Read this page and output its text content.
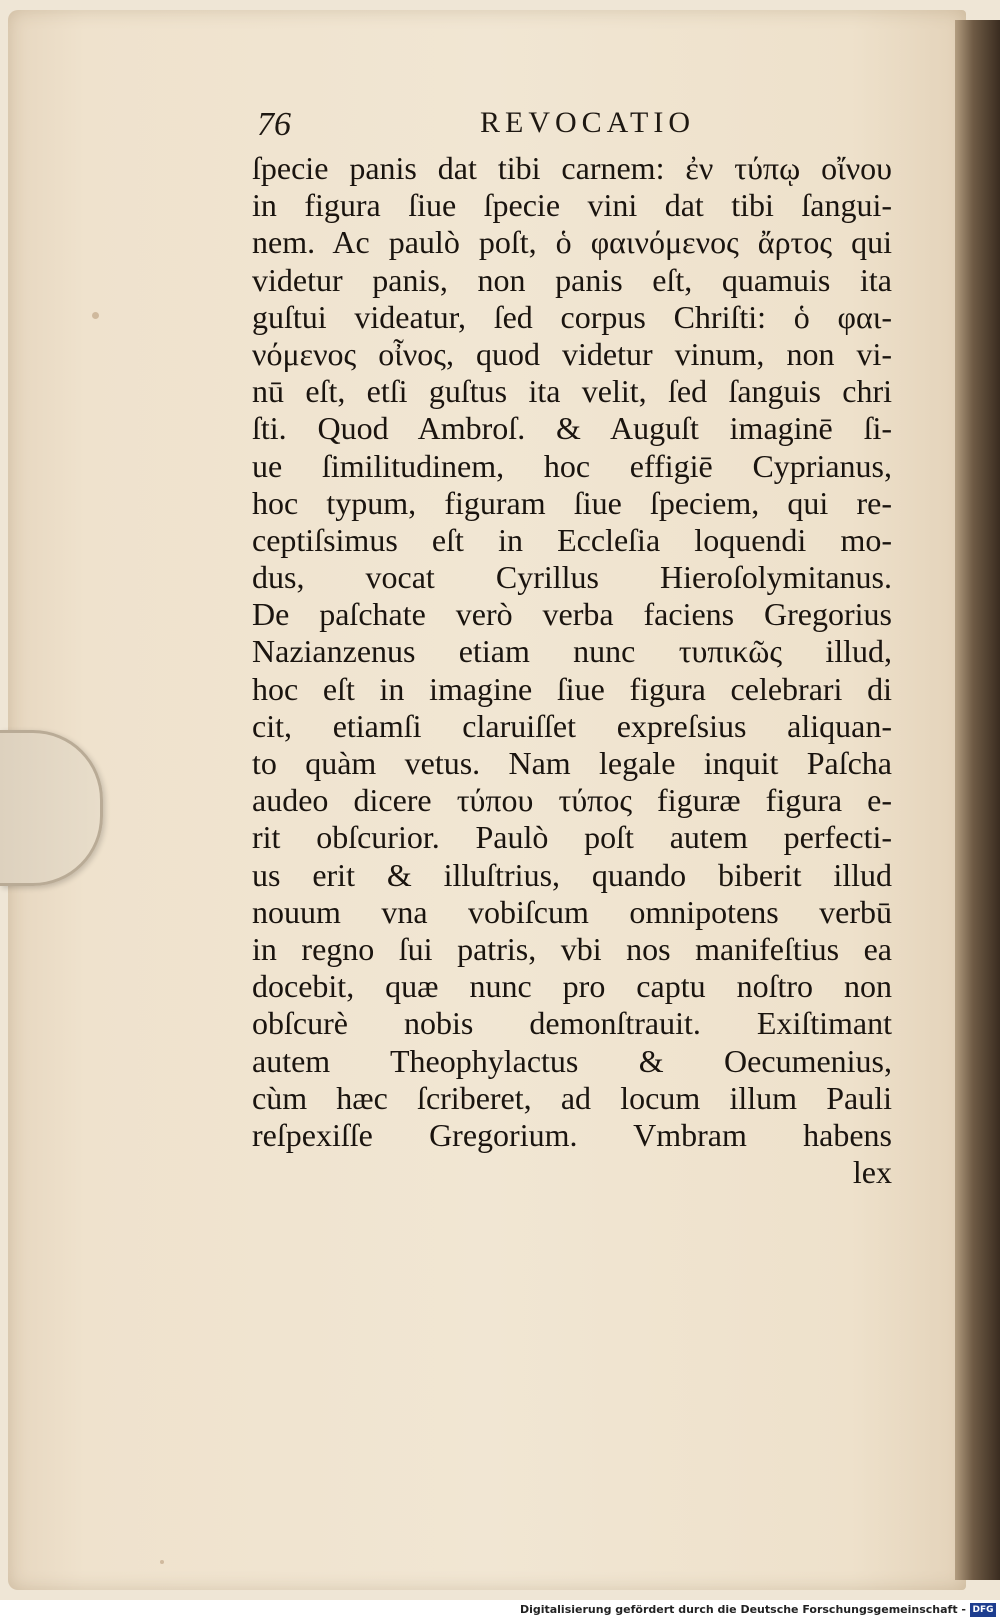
76	REVOCATIO
ſpecie panis dat tibi carnem: ἐν τύπῳ οἴνου
in figura ſiue ſpecie vini dat tibi ſangui-
nem. Ac paulò poſt, ὁ φαινόμενος ἄρτος qui
videtur panis, non panis eſt, quamuis ita
guſtui videatur, ſed corpus Chriſti: ὁ φαι-
νόμενος οἶνος, quod videtur vinum, non vi-
nū eſt, etſi guſtus ita velit, ſed ſanguis chri
ſti. Quod Ambroſ. & Auguſt imaginē ſi-
ue ſimilitudinem, hoc effigiē Cyprianus,
hoc typum, figuram ſiue ſpeciem, qui re-
ceptiſsimus eſt in Eccleſia loquendi mo-
dus, vocat Cyrillus Hieroſolymitanus.
De paſchate verò verba faciens Gregorius
Nazianzenus etiam nunc τυπικῶς illud,
hoc eſt in imagine ſiue figura celebrari di
cit, etiamſi claruiſſet expreſsius aliquan-
to quàm vetus. Nam legale inquit Paſcha
audeo dicere τύπου τύπος figuræ figura e-
rit obſcurior. Paulò poſt autem perfecti-
us erit & illuſtrius, quando biberit illud
nouum vna vobiſcum omnipotens verbū
in regno ſui patris, vbi nos manifeſtius ea
docebit, quæ nunc pro captu noſtro non
obſcurè nobis demonſtrauit. Exiſtimant
autem Theophylactus & Oecumenius,
cùm hæc ſcriberet, ad locum illum Pauli
reſpexiſſe Gregorium. Vmbram habens
lex
Digitalisierung gefördert durch die Deutsche Forschungsgemeinschaft - DFG
